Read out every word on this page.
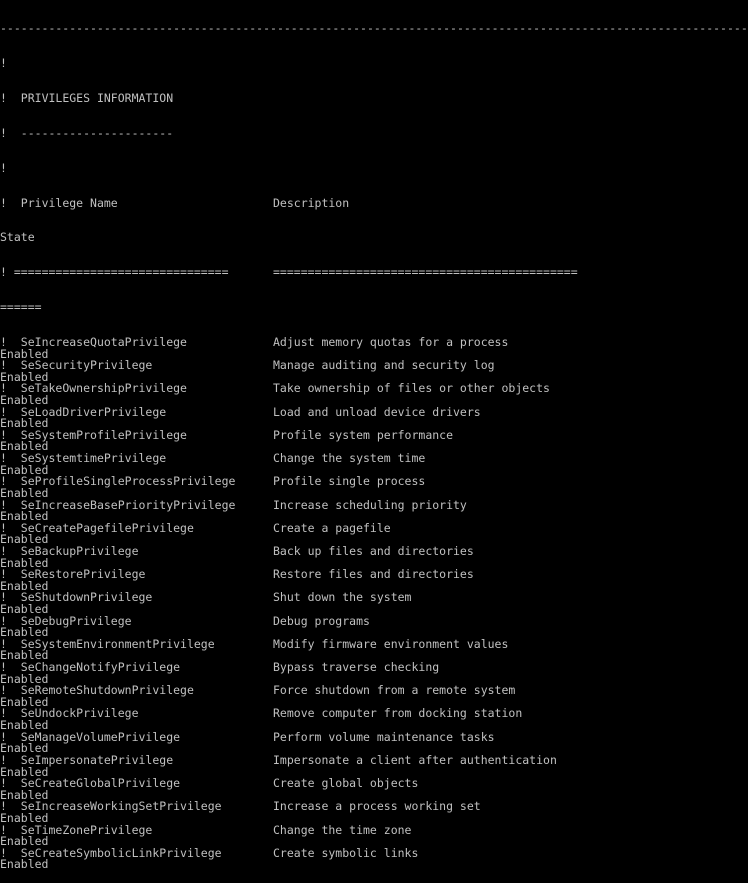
------------------------------------------------------------------------------------------------------------

!

! PRIVILEGES INFORMATION

! ----------------------

!

! Privilege Name	Description

State

! ===============================	============================================

======

! SeIncreaseQuotaPrivilege	Adjust memory quotas for a process
Enabled
! SeSecurityPrivilege	Manage auditing and security log
Enabled
! SeTakeOwnershipPrivilege	Take ownership of files or other objects
Enabled
! SeLoadDriverPrivilege	Load and unload device drivers
Enabled
! SeSystemProfilePrivilege	Profile system performance
Enabled
! SeSystemtimePrivilege	Change the system time
Enabled
! SeProfileSingleProcessPrivilege	Profile single process
Enabled
! SeIncreaseBasePriorityPrivilege	Increase scheduling priority
Enabled
! SeCreatePagefilePrivilege	Create a pagefile
Enabled
! SeBackupPrivilege	Back up files and directories
Enabled
! SeRestorePrivilege	Restore files and directories
Enabled
! SeShutdownPrivilege	Shut down the system
Enabled
! SeDebugPrivilege	Debug programs
Enabled
! SeSystemEnvironmentPrivilege	Modify firmware environment values
Enabled
! SeChangeNotifyPrivilege	Bypass traverse checking
Enabled
! SeRemoteShutdownPrivilege	Force shutdown from a remote system
Enabled
! SeUndockPrivilege	Remove computer from docking station
Enabled
! SeManageVolumePrivilege	Perform volume maintenance tasks
Enabled
! SeImpersonatePrivilege	Impersonate a client after authentication
Enabled
! SeCreateGlobalPrivilege	Create global objects
Enabled
! SeIncreaseWorkingSetPrivilege	Increase a process working set
Enabled
! SeTimeZonePrivilege	Change the time zone
Enabled
! SeCreateSymbolicLinkPrivilege	Create symbolic links
Enabled
